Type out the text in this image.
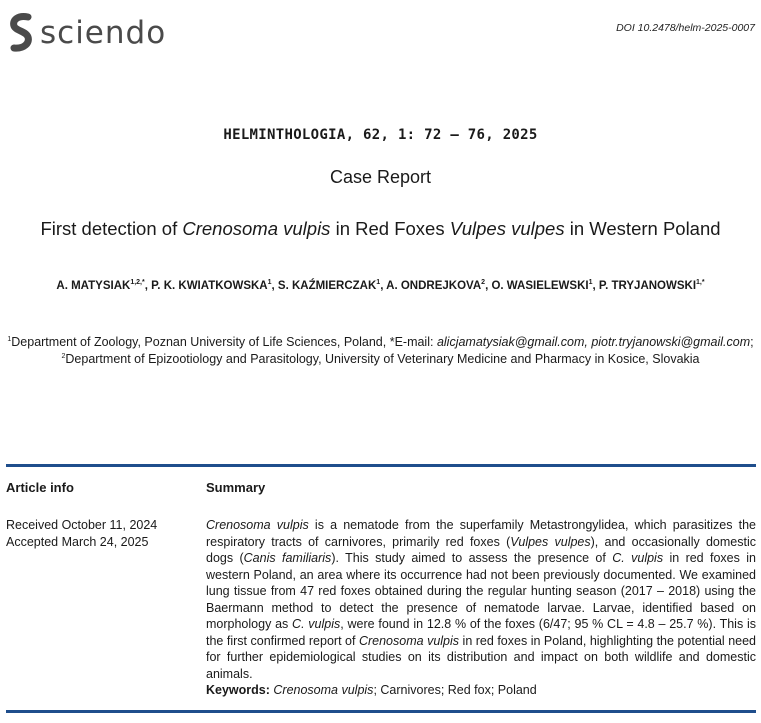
sciendo	DOI 10.2478/helm-2025-0007
HELMINTHOLOGIA, 62, 1: 72 – 76, 2025
Case Report
First detection of Crenosoma vulpis in Red Foxes Vulpes vulpes in Western Poland
A. $MATYSIAK^{1,2,*}$, P. K. KWIATKOWSKA$^1$, S. KAŹMIERCZAK$^1$, A. ONDREJKOVA$^2$, O. WASIELEWSKI$^1$, P. $TRYJANOWSKI^{1,*}$
$^1$Department of Zoology, Poznan University of Life Sciences, Poland, *E-mail: alicjamatysiak@gmail.com, piotr.tryjanowski@gmail.com;
$^2$Department of Epizootiology and Parasitology, University of Veterinary Medicine and Pharmacy in Kosice, Slovakia
Article info	Summary
Received October 11, 2024
Accepted March 24, 2025
Crenosoma vulpis is a nematode from the superfamily Metastrongylidea, which parasitizes the respiratory tracts of carnivores, primarily red foxes (Vulpes vulpes), and occasionally domestic dogs (Canis familiaris). This study aimed to assess the presence of C. vulpis in red foxes in western Poland, an area where its occurrence had not been previously documented. We examined lung tissue from 47 red foxes obtained during the regular hunting season (2017 – 2018) using the Baermann method to detect the presence of nematode larvae. Larvae, identified based on morphology as C. vulpis, were found in 12.8 % of the foxes (6/47; 95 % CL = 4.8 – 25.7 %). This is the first confirmed report of Crenosoma vulpis in red foxes in Poland, highlighting the potential need for further epidemiological studies on its distribution and impact on both wildlife and domestic animals.
Keywords: Crenosoma vulpis; Carnivores; Red fox; Poland
